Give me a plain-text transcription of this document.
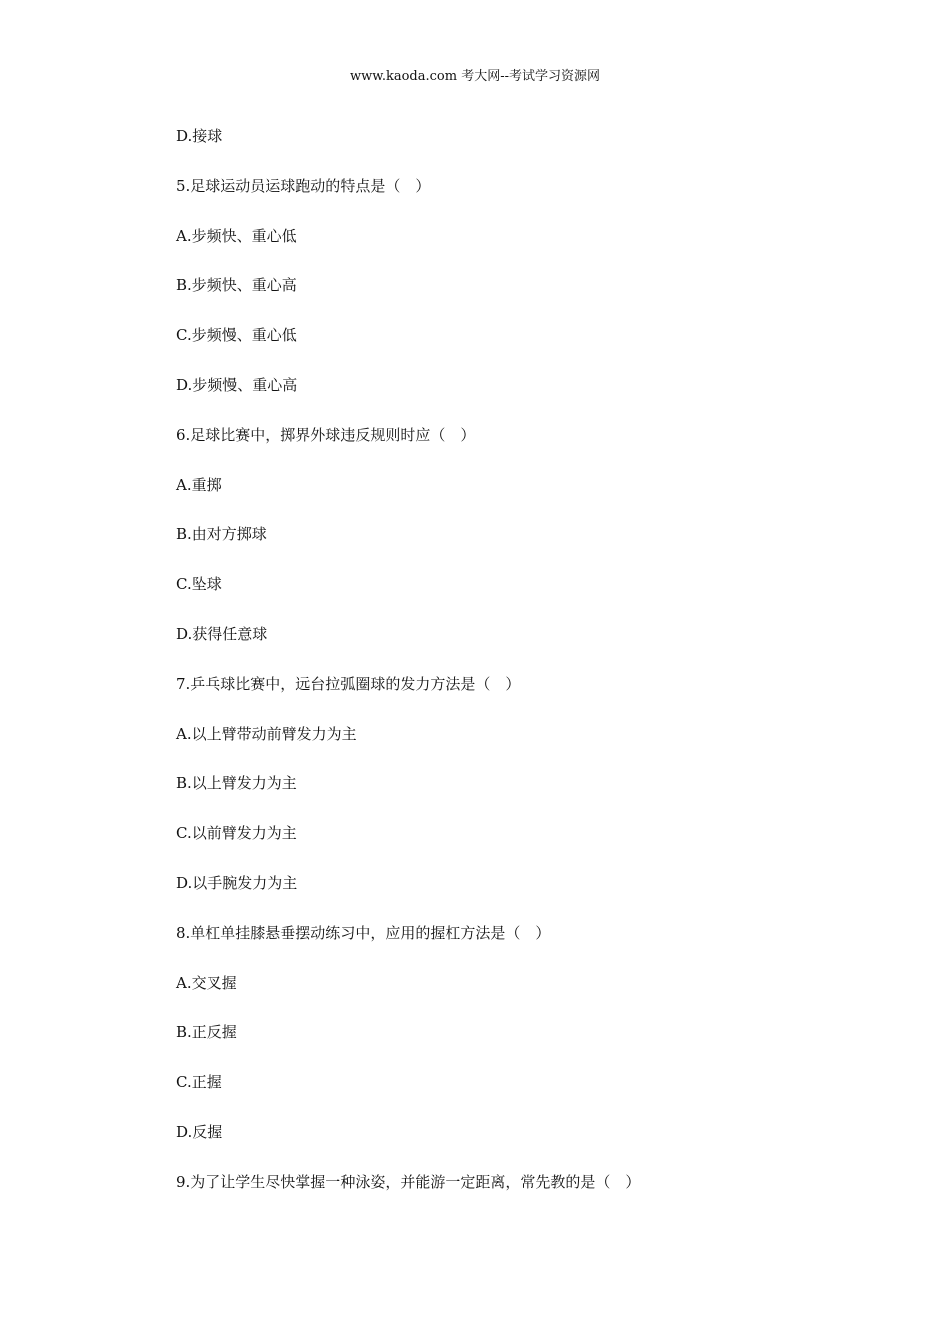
www.kaoda.com 考大网--考试学习资源网
D.接球
5.足球运动员运球跑动的特点是（　）
A.步频快、重心低
B.步频快、重心高
C.步频慢、重心低
D.步频慢、重心高
6.足球比赛中，掷界外球违反规则时应（　）
A.重掷
B.由对方掷球
C.坠球
D.获得任意球
7.乒乓球比赛中，远台拉弧圈球的发力方法是（　）
A.以上臂带动前臂发力为主
B.以上臂发力为主
C.以前臂发力为主
D.以手腕发力为主
8.单杠单挂膝悬垂摆动练习中，应用的握杠方法是（　）
A.交叉握
B.正反握
C.正握
D.反握
9.为了让学生尽快掌握一种泳姿，并能游一定距离，常先教的是（　）
